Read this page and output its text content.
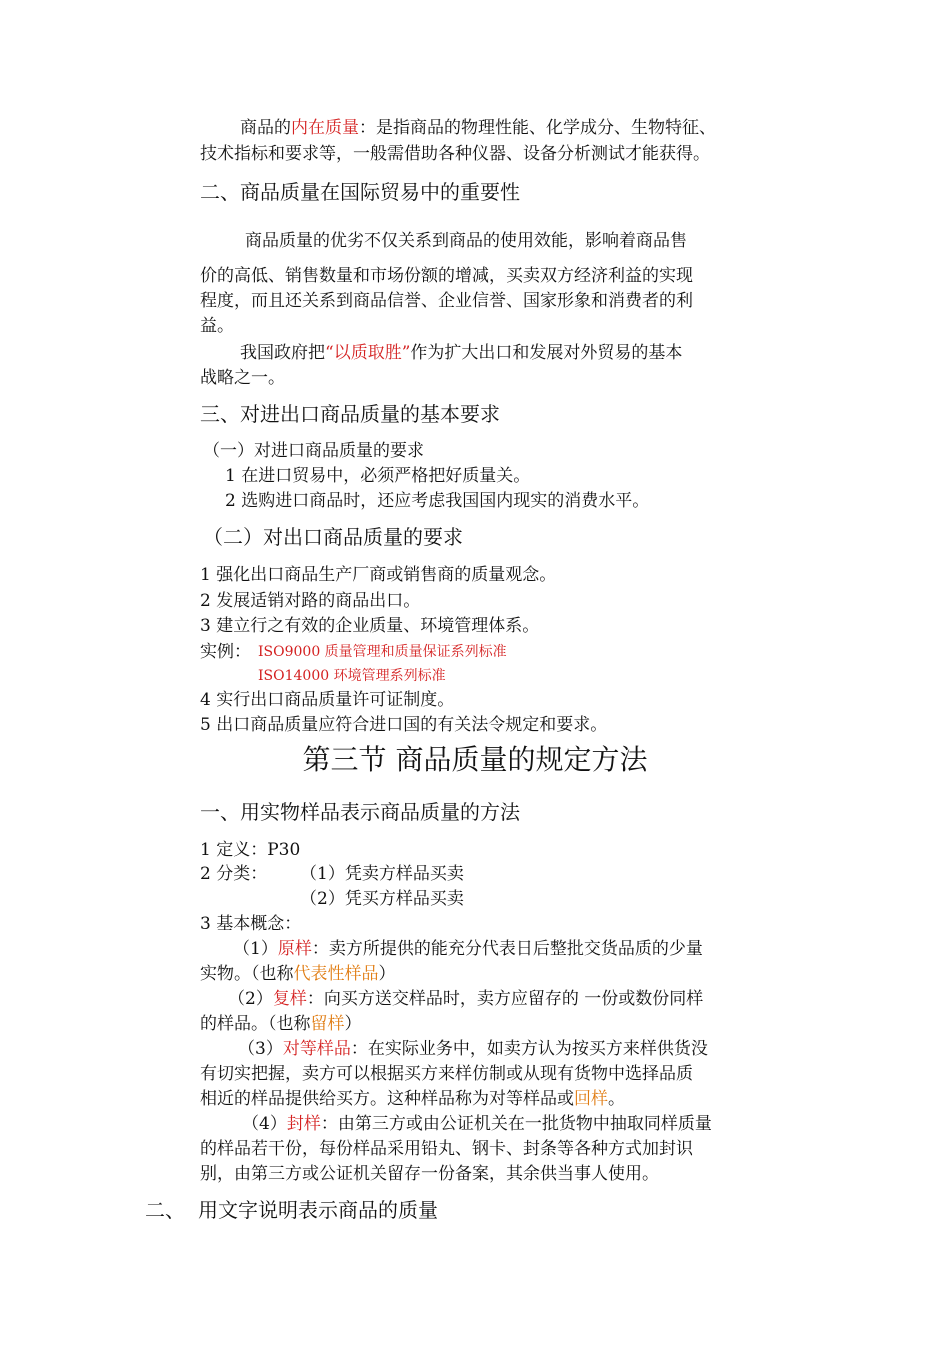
商品的内在质量：是指商品的物理性能、化学成分、生物特征、
技术指标和要求等，一般需借助各种仪器、设备分析测试才能获得。
二、商品质量在国际贸易中的重要性
商品质量的优劣不仅关系到商品的使用效能，影响着商品售
价的高低、销售数量和市场份额的增减，买卖双方经济利益的实现
程度，而且还关系到商品信誉、企业信誉、国家形象和消费者的利
益。
我国政府把“以质取胜”作为扩大出口和发展对外贸易的基本
战略之一。
三、对进出口商品质量的基本要求
（一）对进口商品质量的要求
1 在进口贸易中，必须严格把好质量关。
2 选购进口商品时，还应考虑我国国内现实的消费水平。
（二）对出口商品质量的要求
1 强化出口商品生产厂商或销售商的质量观念。
2 发展适销对路的商品出口。
3 建立行之有效的企业质量、环境管理体系。
实例： ISO9000 质量管理和质量保证系列标准
ISO14000 环境管理系列标准
4 实行出口商品质量许可证制度。
5 出口商品质量应符合进口国的有关法令规定和要求。
第三节 商品质量的规定方法
一、用实物样品表示商品质量的方法
1 定义：P30
2 分类： （1）凭卖方样品买卖
（2）凭买方样品买卖
3 基本概念：
（1）原样：卖方所提供的能充分代表日后整批交货品质的少量
实物。（也称代表性样品）
（2）复样：向买方送交样品时，卖方应留存的 一份或数份同样
的样品。（也称留样）
（3）对等样品：在实际业务中，如卖方认为按买方来样供货没
有切实把握，卖方可以根据买方来样仿制或从现有货物中选择品质
相近的样品提供给买方。这种样品称为对等样品或回样。
（4）封样：由第三方或由公证机关在一批货物中抽取同样质量
的样品若干份，每份样品采用铅丸、钢卡、封条等各种方式加封识
别，由第三方或公证机关留存一份备案，其余供当事人使用。
二、 用文字说明表示商品的质量
